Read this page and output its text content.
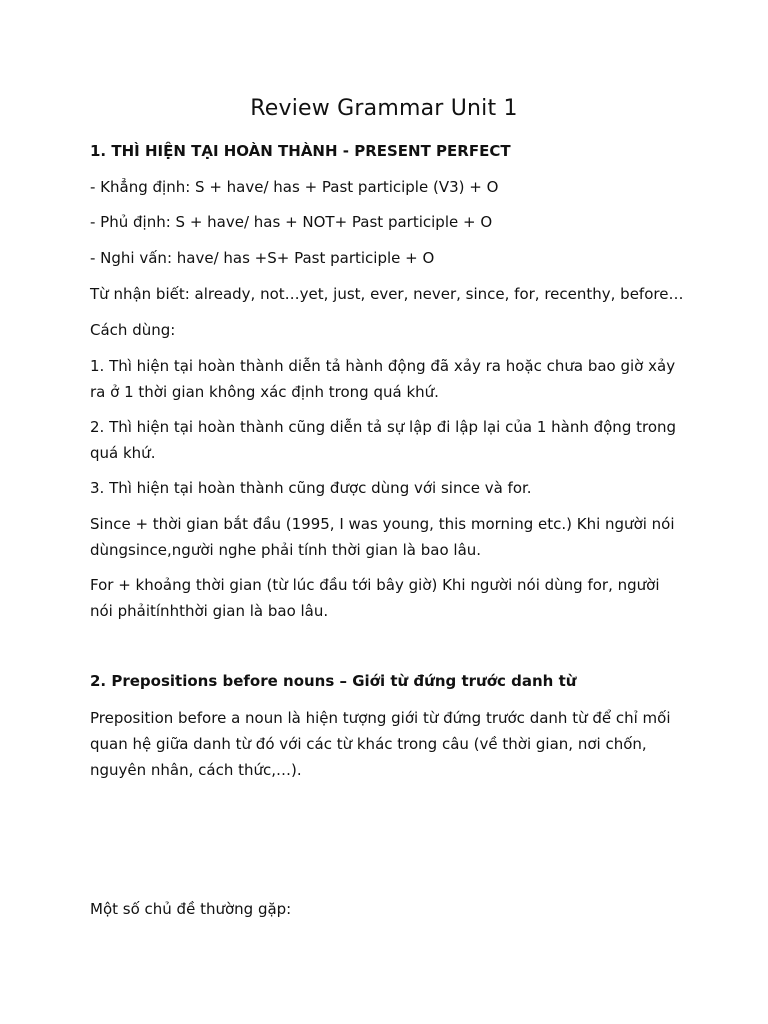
Review Grammar Unit 1
1. THÌ HIỆN TẠI HOÀN THÀNH - PRESENT PERFECT
- Khẳng định: S + have/ has + Past participle (V3) + O
- Phủ định: S + have/ has + NOT+ Past participle + O
- Nghi vấn: have/ has +S+ Past participle + O
Từ nhận biết: already, not…yet, just, ever, never, since, for, recenthy, before…
Cách dùng:
1. Thì hiện tại hoàn thành diễn tả hành động đã xảy ra hoặc chưa bao giờ xảy ra ở 1 thời gian không xác định trong quá khứ.
2. Thì hiện tại hoàn thành cũng diễn tả sự lập đi lập lại của 1 hành động trong quá khứ.
3. Thì hiện tại hoàn thành cũng được dùng với since và for.
Since + thời gian bắt đầu (1995, I was young, this morning etc.) Khi người nói dùngsince,người nghe phải tính thời gian là bao lâu.
For + khoảng thời gian (từ lúc đầu tới bây giờ) Khi người nói dùng for, người nói phảitínhthời gian là bao lâu.
2. Prepositions before nouns – Giới từ đứng trước danh từ
Preposition before a noun là hiện tượng giới từ đứng trước danh từ để chỉ mối quan hệ giữa danh từ đó với các từ khác trong câu (về thời gian, nơi chốn, nguyên nhân, cách thức,…).
Một số chủ đề thường gặp:
